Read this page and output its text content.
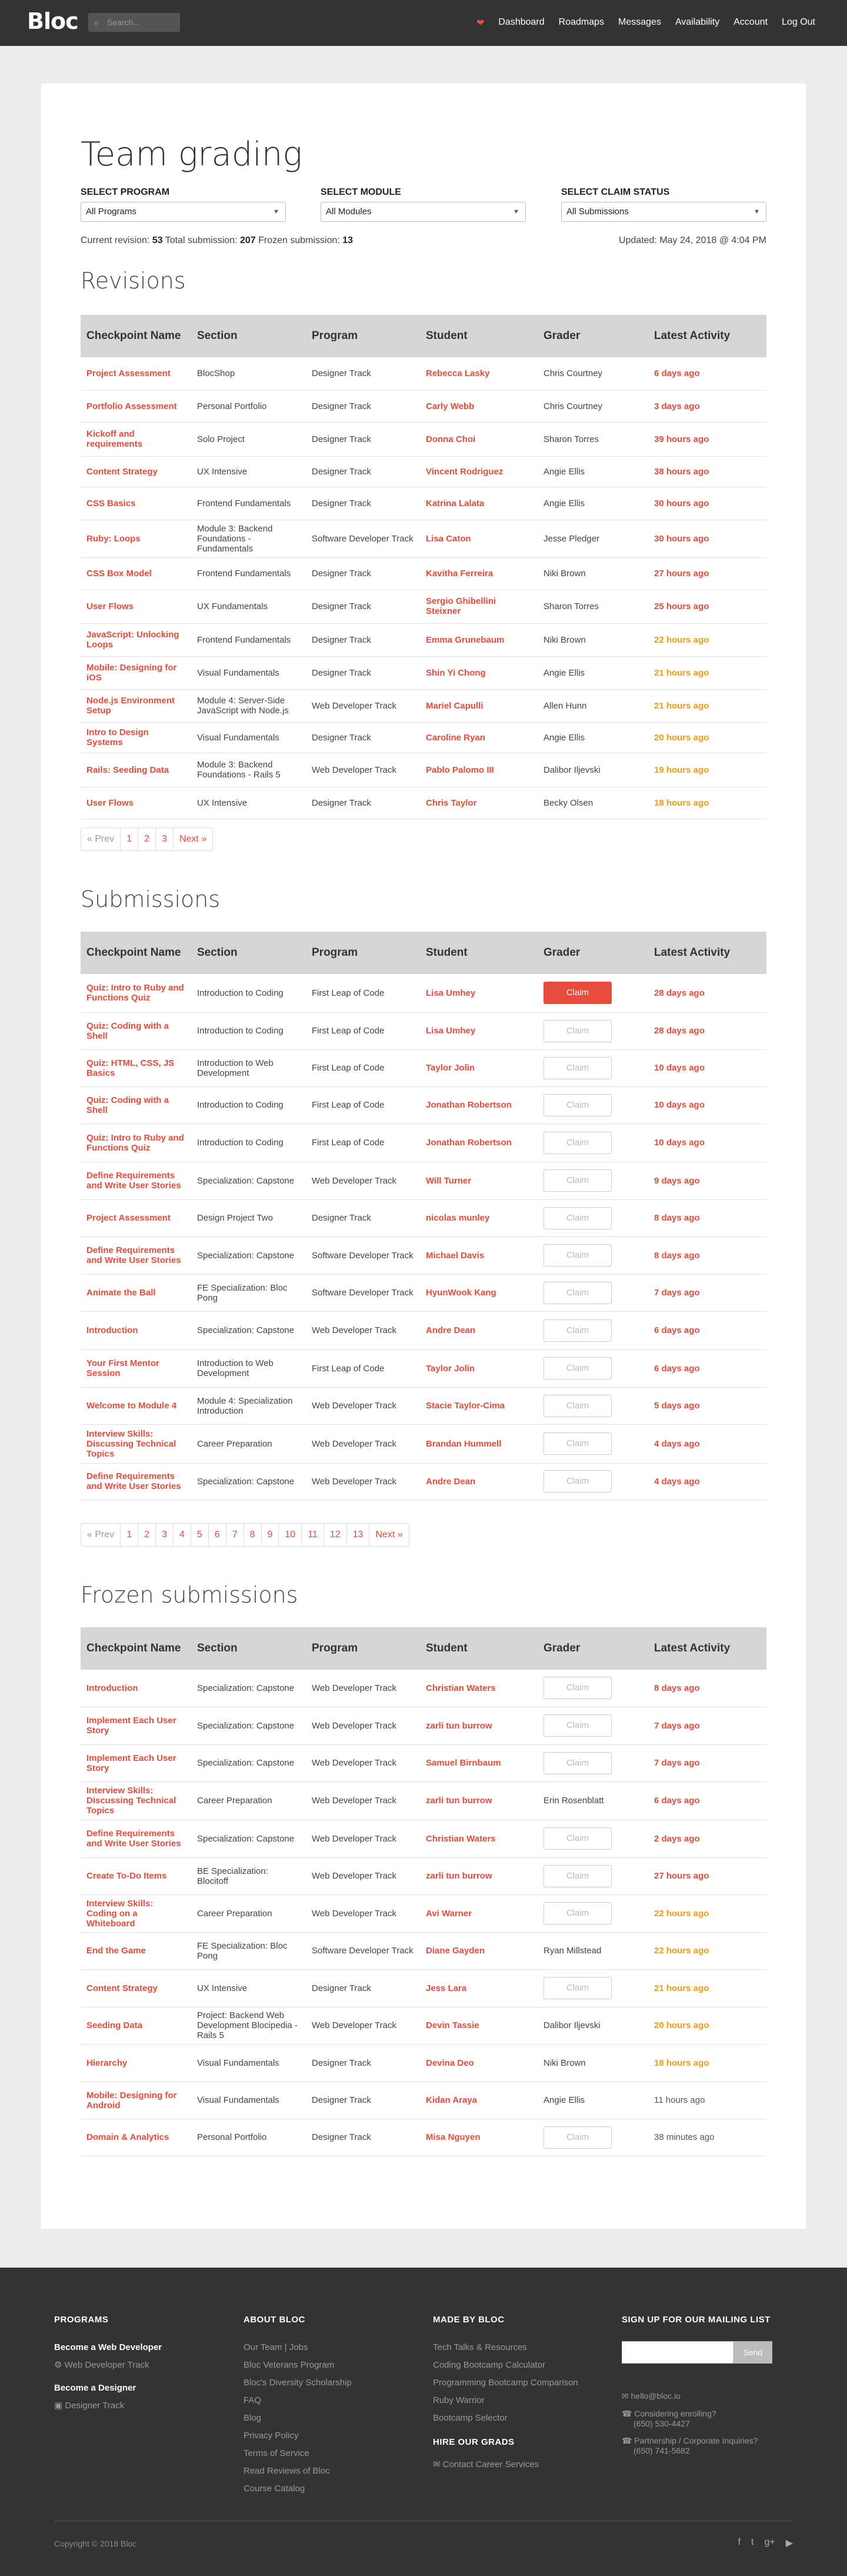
Bloc ⌕ Search...	❤ Dashboard Roadmaps Messages Availability Account Log Out
Team grading
SELECT PROGRAM
All Programs	▼
SELECT MODULE
All Modules	▼
SELECT CLAIM STATUS
All Submissions	▼
Current revision: 53 Total submission: 207 Frozen submission: 13	Updated: May 24, 2018 @ 4:04 PM
Revisions
Checkpoint Name	Section	Program	Student	Grader	Latest Activity
Project Assessment	BlocShop	Designer Track	Rebecca Lasky	Chris Courtney	6 days ago
Portfolio Assessment	Personal Portfolio	Designer Track	Carly Webb	Chris Courtney	3 days ago
Kickoff and requirements	Solo Project	Designer Track	Donna Choi	Sharon Torres	39 hours ago
Content Strategy	UX Intensive	Designer Track	Vincent Rodriguez	Angie Ellis	38 hours ago
CSS Basics	Frontend Fundamentals	Designer Track	Katrina Lalata	Angie Ellis	30 hours ago
Ruby: Loops	Module 3: Backend Foundations - Fundamentals	Software Developer Track	Lisa Caton	Jesse Pledger	30 hours ago
CSS Box Model	Frontend Fundamentals	Designer Track	Kavitha Ferreira	Niki Brown	27 hours ago
User Flows	UX Fundamentals	Designer Track	Sergio Ghibellini Steixner	Sharon Torres	25 hours ago
JavaScript: Unlocking Loops	Frontend Fundamentals	Designer Track	Emma Grunebaum	Niki Brown	22 hours ago
Mobile: Designing for iOS	Visual Fundamentals	Designer Track	Shin Yi Chong	Angie Ellis	21 hours ago
Node.js Environment Setup	Module 4: Server-Side JavaScript with Node.js	Web Developer Track	Mariel Capulli	Allen Hunn	21 hours ago
Intro to Design Systems	Visual Fundamentals	Designer Track	Caroline Ryan	Angie Ellis	20 hours ago
Rails: Seeding Data	Module 3: Backend Foundations - Rails 5	Web Developer Track	Pablo Palomo III	Dalibor Iljevski	19 hours ago
User Flows	UX Intensive	Designer Track	Chris Taylor	Becky Olsen	18 hours ago
« Prev	1	2	3	Next »
Submissions
Checkpoint Name	Section	Program	Student	Grader	Latest Activity
Quiz: Intro to Ruby and Functions Quiz	Introduction to Coding	First Leap of Code	Lisa Umhey	Claim	28 days ago
Quiz: Coding with a Shell	Introduction to Coding	First Leap of Code	Lisa Umhey	Claim	28 days ago
Quiz: HTML, CSS, JS Basics	Introduction to Web Development	First Leap of Code	Taylor Jolin	Claim	10 days ago
Quiz: Coding with a Shell	Introduction to Coding	First Leap of Code	Jonathan Robertson	Claim	10 days ago
Quiz: Intro to Ruby and Functions Quiz	Introduction to Coding	First Leap of Code	Jonathan Robertson	Claim	10 days ago
Define Requirements and Write User Stories	Specialization: Capstone	Web Developer Track	Will Turner	Claim	9 days ago
Project Assessment	Design Project Two	Designer Track	nicolas munley	Claim	8 days ago
Define Requirements and Write User Stories	Specialization: Capstone	Software Developer Track	Michael Davis	Claim	8 days ago
Animate the Ball	FE Specialization: Bloc Pong	Software Developer Track	HyunWook Kang	Claim	7 days ago
Introduction	Specialization: Capstone	Web Developer Track	Andre Dean	Claim	6 days ago
Your First Mentor Session	Introduction to Web Development	First Leap of Code	Taylor Jolin	Claim	6 days ago
Welcome to Module 4	Module 4: Specialization Introduction	Web Developer Track	Stacie Taylor-Cima	Claim	5 days ago
Interview Skills: Discussing Technical Topics	Career Preparation	Web Developer Track	Brandan Hummell	Claim	4 days ago
Define Requirements and Write User Stories	Specialization: Capstone	Web Developer Track	Andre Dean	Claim	4 days ago
« Prev	1	2	3	4	5	6	7	8	9	10	11	12	13	Next »
Frozen submissions
Checkpoint Name	Section	Program	Student	Grader	Latest Activity
Introduction	Specialization: Capstone	Web Developer Track	Christian Waters	Claim	8 days ago
Implement Each User Story	Specialization: Capstone	Web Developer Track	zarli tun burrow	Claim	7 days ago
Implement Each User Story	Specialization: Capstone	Web Developer Track	Samuel Birnbaum	Claim	7 days ago
Interview Skills: Discussing Technical Topics	Career Preparation	Web Developer Track	zarli tun burrow	Erin Rosenblatt	6 days ago
Define Requirements and Write User Stories	Specialization: Capstone	Web Developer Track	Christian Waters	Claim	2 days ago
Create To-Do Items	BE Specialization: Blocitoff	Web Developer Track	zarli tun burrow	Claim	27 hours ago
Interview Skills: Coding on a Whiteboard	Career Preparation	Web Developer Track	Avi Warner	Claim	22 hours ago
End the Game	FE Specialization: Bloc Pong	Software Developer Track	Diane Gayden	Ryan Millstead	22 hours ago
Content Strategy	UX Intensive	Designer Track	Jess Lara	Claim	21 hours ago
Seeding Data	Project: Backend Web Development Blocipedia - Rails 5	Web Developer Track	Devin Tassie	Dalibor Iljevski	20 hours ago
Hierarchy	Visual Fundamentals	Designer Track	Devina Deo	Niki Brown	18 hours ago
Mobile: Designing for Android	Visual Fundamentals	Designer Track	Kidan Araya	Angie Ellis	11 hours ago
Domain & Analytics	Personal Portfolio	Designer Track	Misa Nguyen	Claim	38 minutes ago
PROGRAMS
Become a Web Developer
⚙ Web Developer Track
Become a Designer
▣ Designer Track
ABOUT BLOC
Our Team | Jobs
Bloc Veterans Program
Bloc's Diversity Scholarship
FAQ
Blog
Privacy Policy
Terms of Service
Read Reviews of Bloc
Course Catalog
MADE BY BLOC
Tech Talks & Resources
Coding Bootcamp Calculator
Programming Bootcamp Comparison
Ruby Warrior
Bootcamp Selector
HIRE OUR GRADS
✉ Contact Career Services
SIGN UP FOR OUR MAILING LIST
Send
✉ hello@bloc.io
☎ Considering enrolling?
(650) 530-4427
☎ Partnership / Corporate Inquiries?
(650) 741-5682
Copyright © 2018 Bloc	f t g+ ▶
